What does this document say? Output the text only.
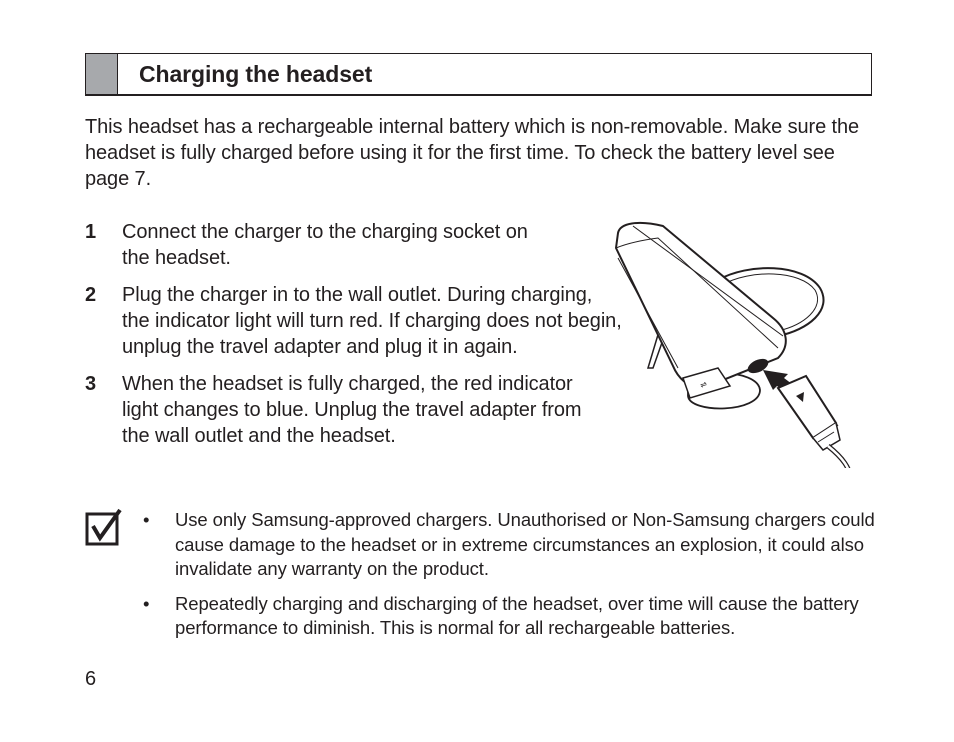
Charging the headset

This headset has a rechargeable internal battery which is non-removable. Make sure the headset is fully charged before using it for the first time. To check the battery level see page 7.

1	Connect the charger to the charging socket on the headset.
2	Plug the charger in to the wall outlet. During charging, the indicator light will turn red. If charging does not begin, unplug the travel adapter and plug it in again.
3	When the headset is fully charged, the red indicator light changes to blue. Unplug the travel adapter from the wall outlet and the headset.
⇌
•	Use only Samsung-approved chargers. Unauthorised or Non-Samsung chargers could cause damage to the headset or in extreme circumstances an explosion, it could also invalidate any warranty on the product.
•	Repeatedly charging and discharging of the headset, over time will cause the battery performance to diminish. This is normal for all rechargeable batteries.
6
